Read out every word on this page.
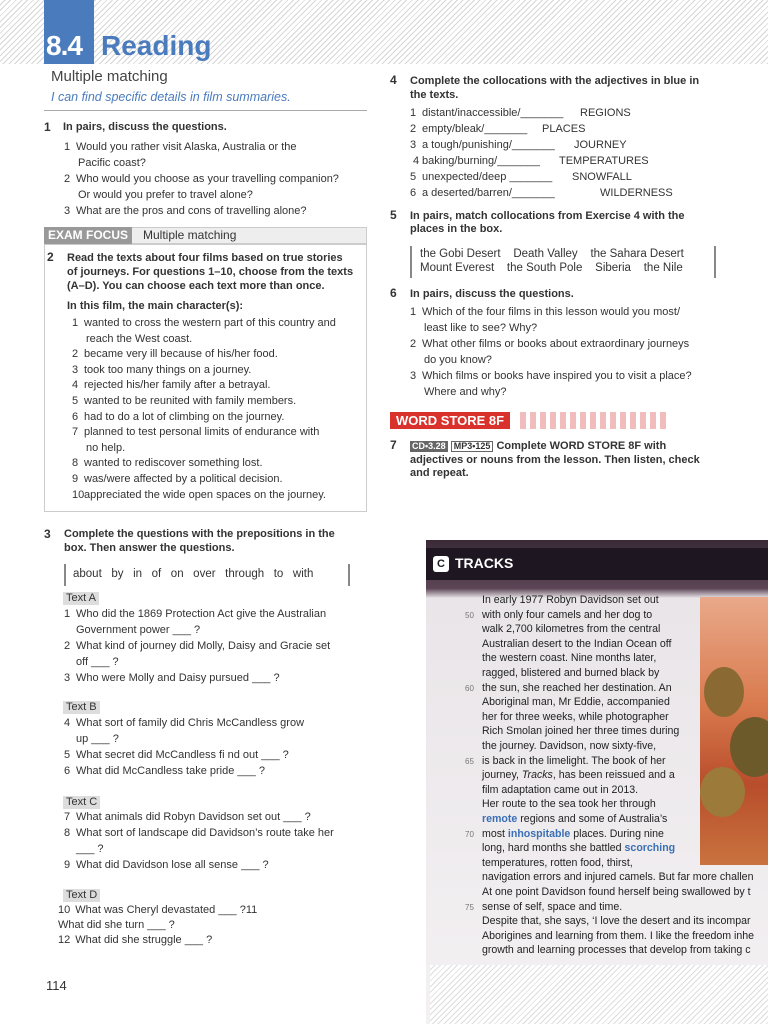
8.4 Reading
Multiple matching
I can find specific details in film summaries.
1 In pairs, discuss the questions.
1 Would you rather visit Alaska, Australia or the
Pacific coast?
2 Who would you choose as your travelling companion?
Or would you prefer to travel alone?
3 What are the pros and cons of travelling alone?
EXAM FOCUS	Multiple matching
2 Read the texts about four films based on true stories
of journeys. For questions 1–10, choose from the texts
(A–D). You can choose each text more than once.
In this film, the main character(s):
1 wanted to cross the western part of this country and
reach the West coast.
2 became very ill because of his/her food.
3 took too many things on a journey.
4 rejected his/her family after a betrayal.
5 wanted to be reunited with family members.
6 had to do a lot of climbing on the journey.
7 planned to test personal limits of endurance with
no help.
8 wanted to rediscover something lost.
9 was/were affected by a political decision.
10 appreciated the wide open spaces on the journey.
3 Complete the questions with the prepositions in the
box. Then answer the questions.
about   by   in   of   on   over   through   to   with
Text A
1 Who did the 1869 Protection Act give the Australian
Government power ___ ?
2 What kind of journey did Molly, Daisy and Gracie set
off ___ ?
3 Who were Molly and Daisy pursued ___ ?
Text B
4 What sort of family did Chris McCandless grow
up ___ ?
5 What secret did McCandless fi nd out ___ ?
6 What did McCandless take pride ___ ?
Text C
7 What animals did Robyn Davidson set out ___ ?
8 What sort of landscape did Davidson’s route take her
___ ?
9 What did Davidson lose all sense ___ ?
Text D
10 What was Cheryl devastated ___ ?11
What did she turn ___ ?
12 What did she struggle ___ ?
4 Complete the collocations with the adjectives in blue in
the texts.
1 distant/inaccessible/_______ REGIONS
2 empty/bleak/_______ PLACES
3 a tough/punishing/_______ JOURNEY
4 baking/burning/_______ TEMPERATURES
5 unexpected/deep _______ SNOWFALL
6 a deserted/barren/_______	WILDERNESS
5 In pairs, match collocations from Exercise 4 with the
places in the box.
the Gobi Desert    Death Valley    the Sahara Desert
Mount Everest    the South Pole    Siberia    the Nile
6 In pairs, discuss the questions.
1 Which of the four films in this lesson would you most/
least like to see? Why?
2 What other films or books about extraordinary journeys
do you know?
3 Which films or books have inspired you to visit a place?
Where and why?
WORD STORE 8F
7 CD•3.28 MP3•125 Complete WORD STORE 8F with
adjectives or nouns from the lesson. Then listen, check
and repeat.
C TRACKS
In early 1977 Robyn Davidson set out
50 with only four camels and her dog to
walk 2,700 kilometres from the central
Australian desert to the Indian Ocean off
the western coast. Nine months later,
ragged, blistered and burned black by
60 the sun, she reached her destination. An
Aboriginal man, Mr Eddie, accompanied
her for three weeks, while photographer
Rich Smolan joined her three times during
the journey. Davidson, now sixty-five,
65 is back in the limelight. The book of her
journey, Tracks, has been reissued and a
film adaptation came out in 2013.
Her route to the sea took her through
remote regions and some of Australia’s
70 most inhospitable places. During nine
long, hard months she battled scorching
temperatures, rotten food, thirst,
navigation errors and injured camels. But far more challen
At one point Davidson found herself being swallowed by t
75 sense of self, space and time.
Despite that, she says, ‘I love the desert and its incompar
Aborigines and learning from them. I like the freedom inhe
growth and learning processes that develop from taking c
114
